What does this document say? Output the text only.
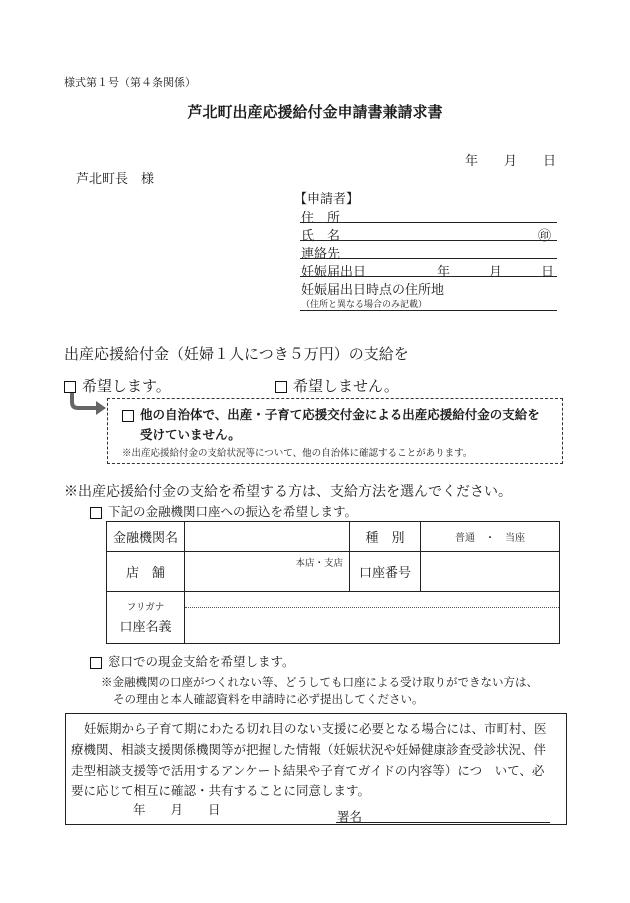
様式第１号（第４条関係）
芦北町出産応援給付金申請書兼請求書
年　　月　　日
芦北町長　様
【申請者】
住　所
氏　名	㊞
連絡先
妊娠届出日	年　　　月　　　日
妊娠届出日時点の住所地
（住所と異なる場合のみ記載）
出産応援給付金（妊婦１人につき５万円）の支給を
希望します。	希望しません。
他の自治体で、出産・子育て応援交付金による出産応援給付金の支給を
受けていません。
※出産応援給付金の支給状況等について、他の自治体に確認することがあります。
※出産応援給付金の支給を希望する方は、支給方法を選んでください。
下記の金融機関口座への振込を希望します。
金融機関名		種　別	普通　・　当座
店　舗	本店・支店	口座番号	

フリガナ
口座名義			

窓口での現金支給を希望します。
※金融機関の口座がつくれない等、どうしても口座による受け取りができない方は、
その理由と本人確認資料を申請時に必ず提出してください。
妊娠期から子育て期にわたる切れ目のない支援に必要となる場合には、市町村、医
療機関、相談支援関係機関等が把握した情報（妊娠状況や妊婦健康診査受診状況、伴
走型相談支援等で活用するアンケート結果や子育てガイドの内容等）につ　いて、必
要に応じて相互に確認・共有することに同意します。
年　　月　　日	署名
